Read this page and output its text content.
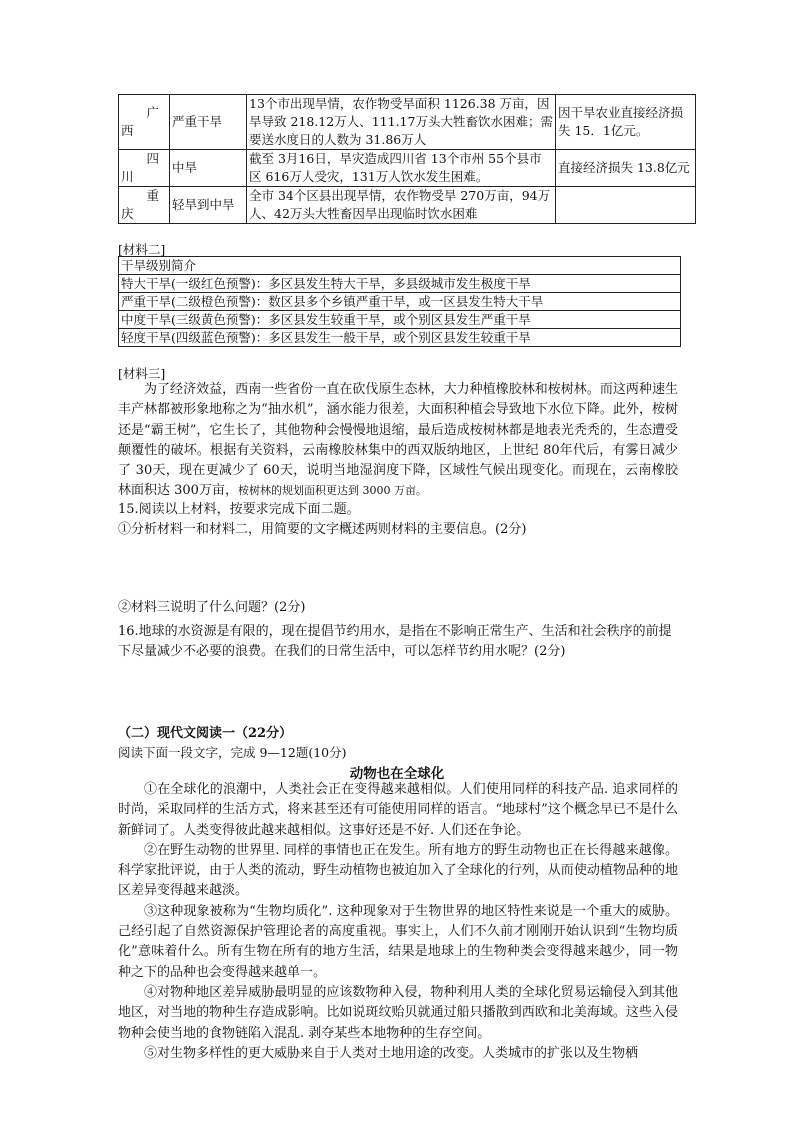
广
西	严重干旱	13个市出现旱情，农作物受旱面积 1126.38 万亩，因旱导致 218.12万人、111.17万头大牲畜饮水困难；需要送水度日的人数为 31.86万人	因干旱农业直接经济损失 15．1亿元。

四
川	中旱	截至 3月16日，旱灾造成四川省 13个市州 55个县市区 616万人受灾，131万人饮水发生困难。	直接经济损失 13.8亿元

重
庆	轻旱到中旱	全市 34个区县出现旱情，农作物受旱 270万亩，94万人、42万头大牲畜因旱出现临时饮水困难	
[材料二]
干旱级别简介
特大干旱(一级红色预警)：多区县发生特大干旱，多县级城市发生极度干旱
严重干旱(二级橙色预警)：数区县多个乡镇严重干旱，或一区县发生特大干旱
中度干旱(三级黄色预警)：多区县发生较重干旱，或个别区县发生严重干旱
轻度干旱(四级蓝色预警)：多区县发生一般干旱，或个别区县发生较重干旱
[材料三]

为了经济效益，西南一些省份一直在砍伐原生态林，大力种植橡胶林和桉树林。而这两种速生丰产林都被形象地称之为“抽水机”，涵水能力很差，大面积种植会导致地下水位下降。此外，桉树还是“霸王树”，它生长了，其他物种会慢慢地退缩，最后造成桉树林都是地表光秃秃的，生态遭受颠覆性的破坏。根据有关资料，云南橡胶林集中的西双版纳地区，上世纪 80年代后，有雾日减少了 30天，现在更减少了 60天，说明当地湿润度下降，区域性气候出现变化。而现在，云南橡胶林面积达 300万亩，桉树林的规划面积更达到 3000 万亩。

15.阅读以上材料，按要求完成下面二题。
①分析材料一和材料二，用简要的文字概述两则材料的主要信息。(2分)
②材料三说明了什么问题？(2分)
16.地球的水资源是有限的，现在提倡节约用水，是指在不影响正常生产、生活和社会秩序的前提下尽量减少不必要的浪费。在我们的日常生活中，可以怎样节约用水呢？(2分)
（二）现代文阅读一（22分）
阅读下面一段文字，完成 9—12题(10分)
动物也在全球化

①在全球化的浪潮中，人类社会正在变得越来越相似。人们使用同样的科技产品. 追求同样的时尚，采取同样的生活方式，将来甚至还有可能使用同样的语言。“地球村”这个概念早已不是什么新鲜词了。人类变得彼此越来越相似。这事好还是不好. 人们还在争论。

②在野生动物的世界里. 同样的事情也正在发生。所有地方的野生动物也正在长得越来越像。科学家批评说，由于人类的流动，野生动植物也被迫加入了全球化的行列，从而使动植物品种的地区差异变得越来越淡。

③这种现象被称为“生物均质化”. 这种现象对于生物世界的地区特性来说是一个重大的威胁。己经引起了自然资源保护管理论者的高度重视。事实上，人们不久前才刚刚开始认识到“生物均质化”意味着什么。所有生物在所有的地方生活，结果是地球上的生物种类会变得越来越少，同一物种之下的品种也会变得越来越单一。

④对物种地区差异威胁最明显的应该数物种入侵，物种利用人类的全球化贸易运输侵入到其他地区，对当地的物种生存造成影响。比如说斑纹贻贝就通过船只播散到西欧和北美海域。这些入侵物种会使当地的食物链陷入混乱. 剥夺某些本地物种的生存空间。

⑤对生物多样性的更大威胁来自于人类对土地用途的改变。人类城市的扩张以及生物栖
